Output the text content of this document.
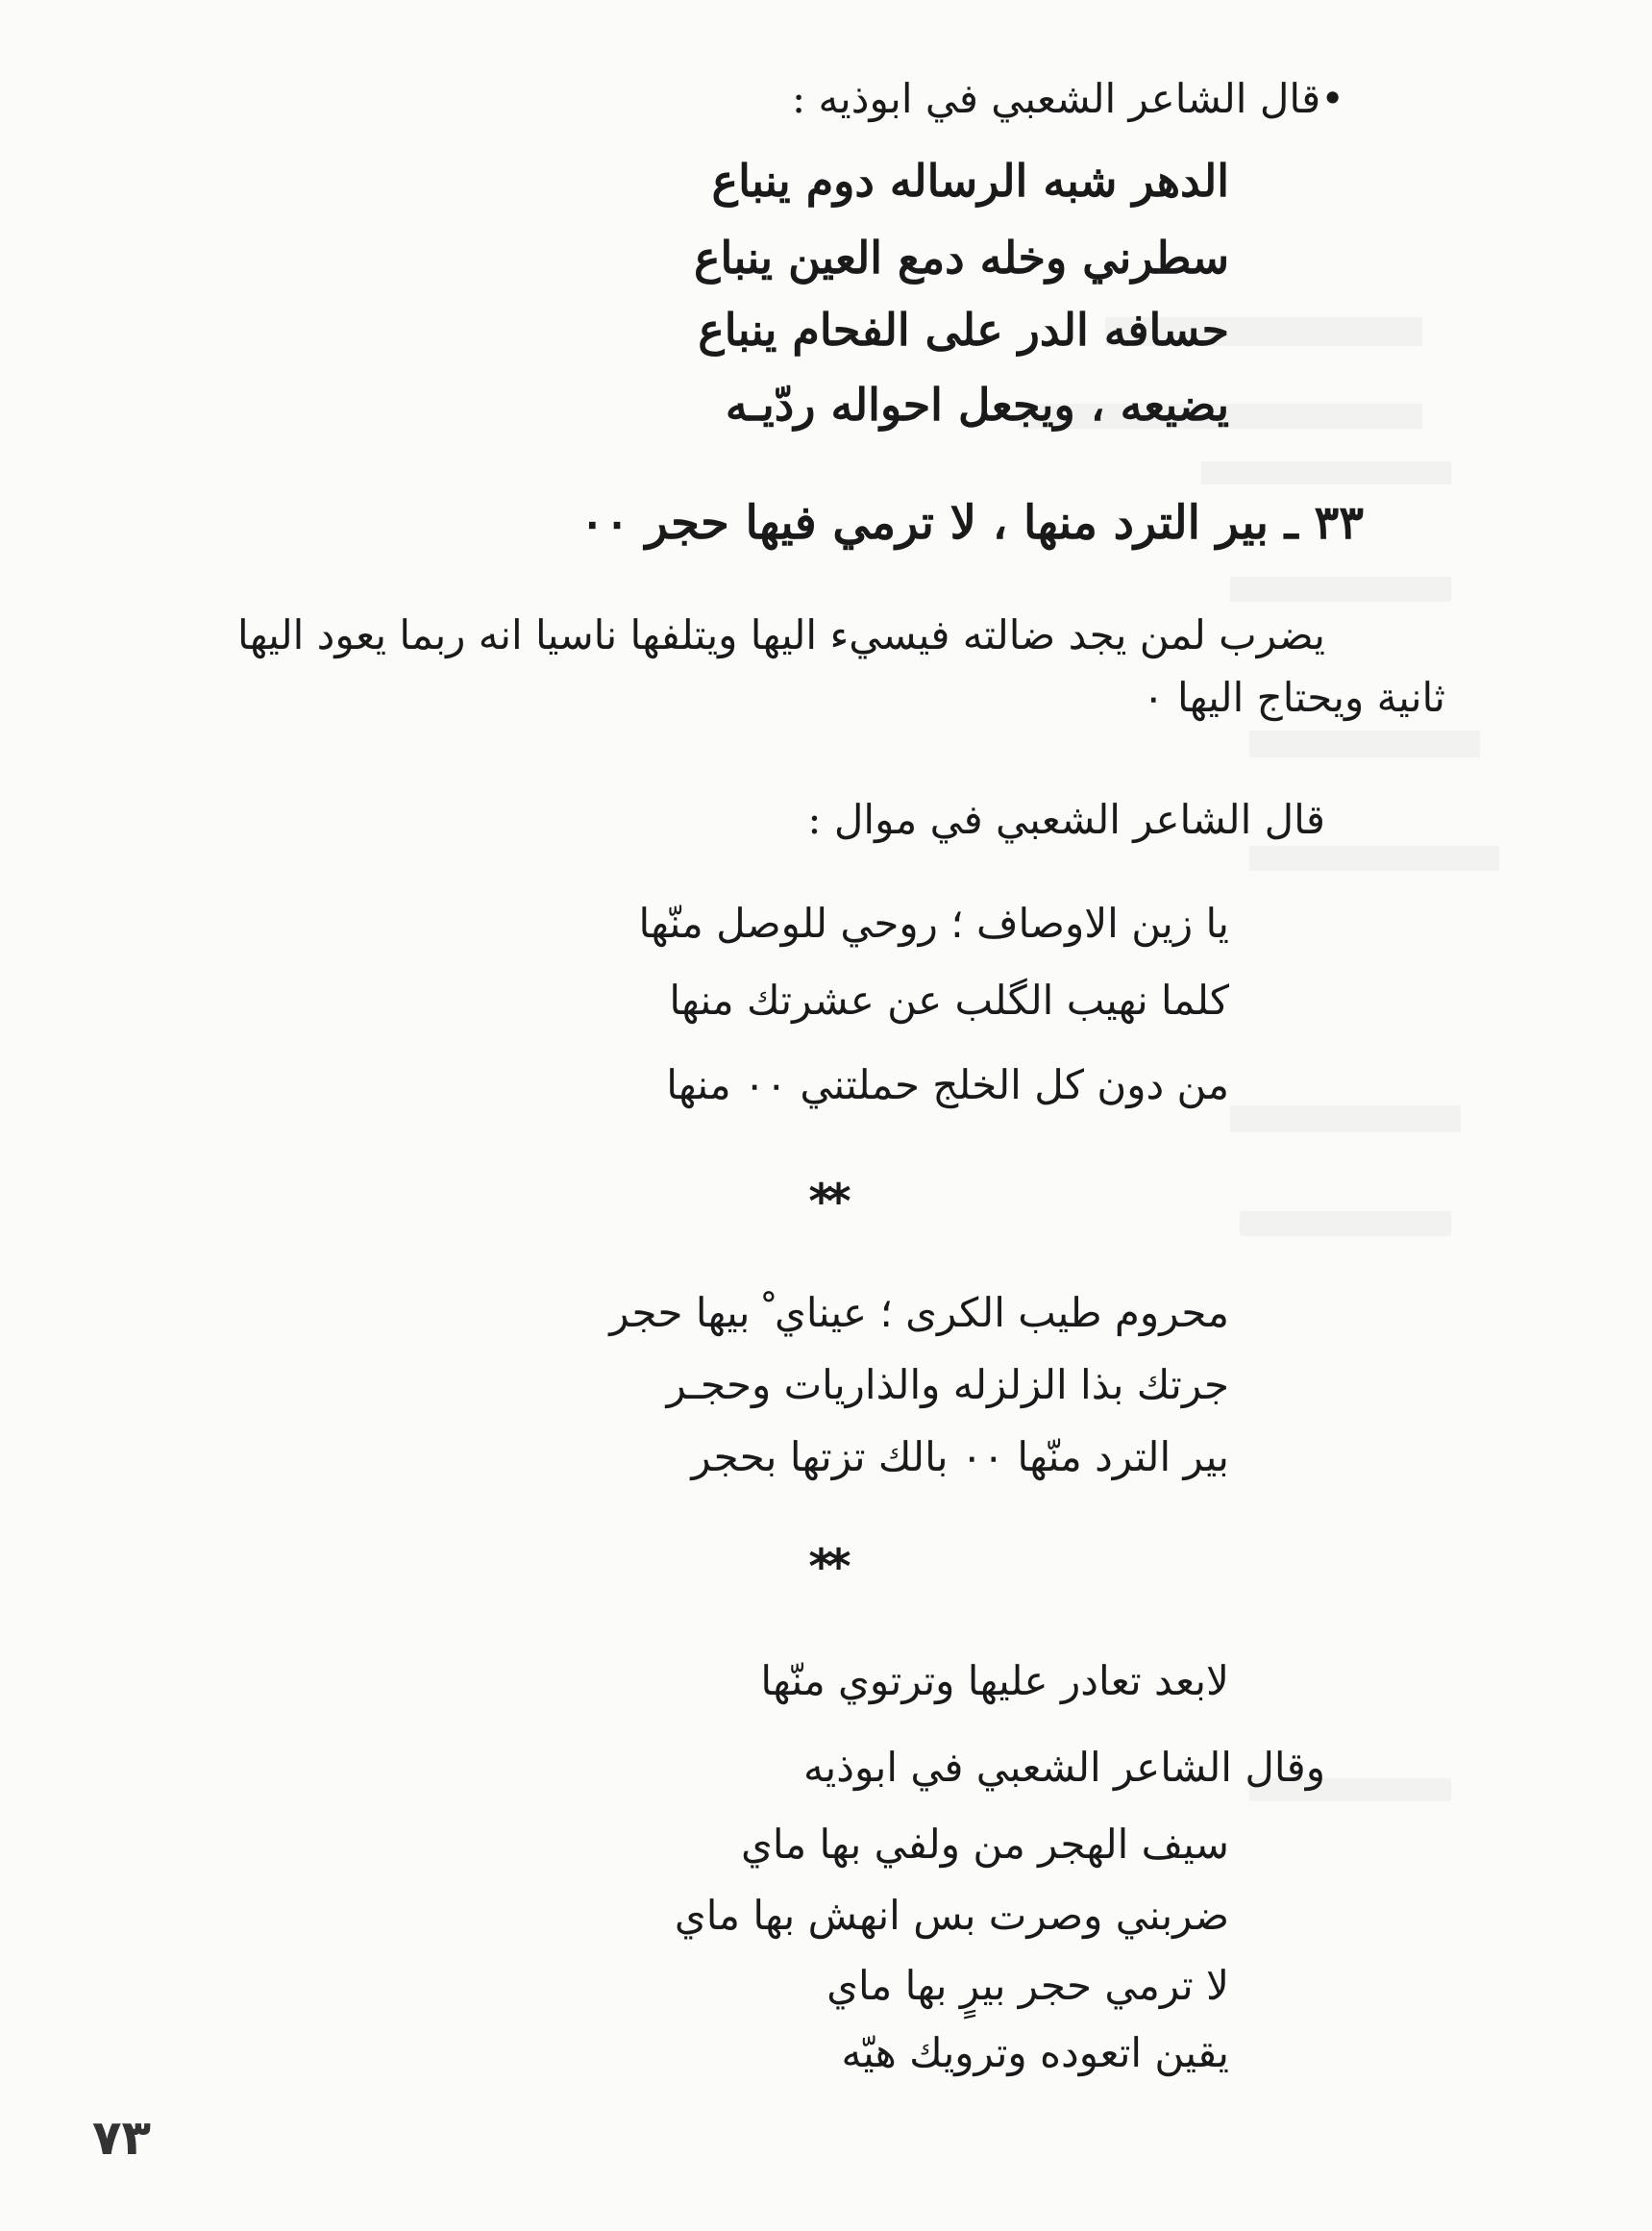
•قال الشاعر الشعبي في ابوذيه :
الدهر شبه الرساله دوم ينباع
سطرني وخله دمع العين ينباع
حسافه الدر على الفحام ينباع
يضيعه ، ويجعل احواله ردّيـه
٣٣ ـ بير الترد منها ، لا ترمي فيها حجر ٠٠
يضرب لمن يجد ضالته فيسيء اليها ويتلفها ناسيا انه ربما يعود اليها
ثانية ويحتاج اليها ٠
قال الشاعر الشعبي في موال :
يا زين الاوصاف ؛ روحي للوصل منّها
كلما نهيب الگلب عن عشرتك منها
من دون كل الخلج حملتني ٠٠ منها
**
محروم طيب الكرى ؛ عيناي ْ بيها حجر
جرتك بذا الزلزله والذاريات وحجـر
بير الترد منّها ٠٠ بالك تزتها بحجر
**
لابعد تعادر عليها وترتوي منّها
وقال الشاعر الشعبي في ابوذيه
سيف الهجر من ولفي بها ماي
ضربني وصرت بس انهش بها ماي
لا ترمي حجر بيرٍ بها ماي
يقين اتعوده وترويك هيّه
٧٣
